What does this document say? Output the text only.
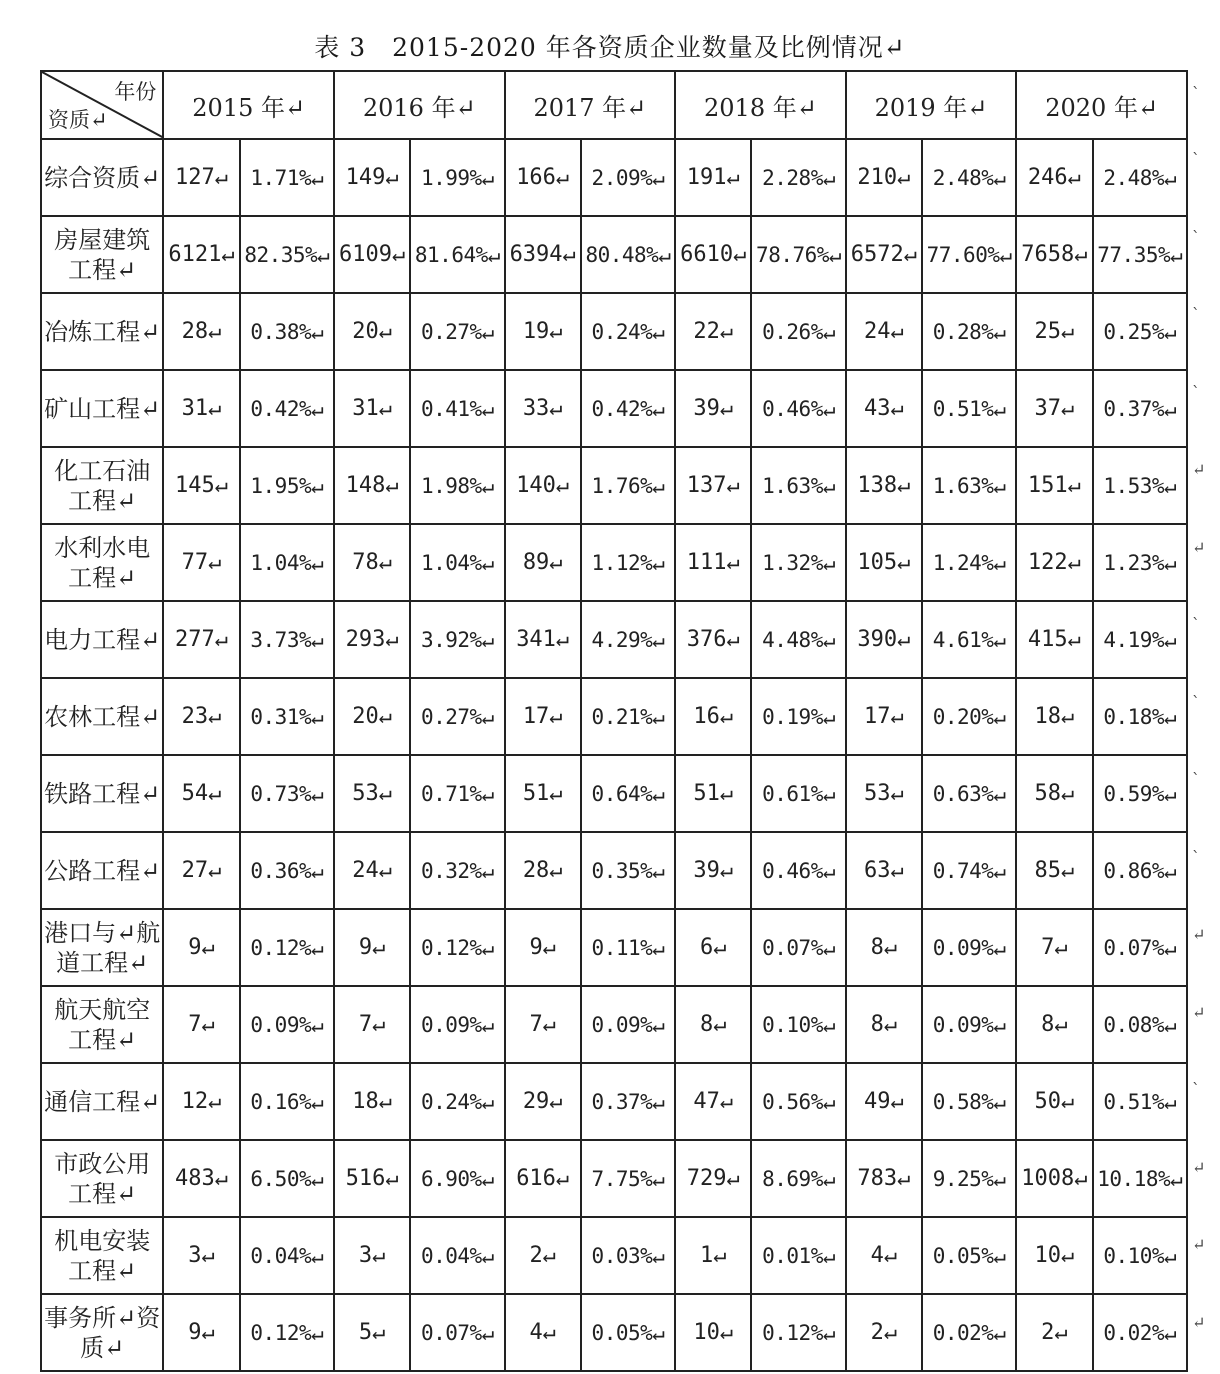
表 3　2015-2020 年各资质企业数量及比例情况↵
年份
资质↵	2015 年↵		2016 年↵		2017 年↵		2018 年↵		2019 年↵		2020 年↵	
综合资质↵	127↵	1.71%↵	149↵	1.99%↵	166↵	2.09%↵	191↵	2.28%↵	210↵	2.48%↵	246↵	2.48%↵
房屋建筑工程↵	6121↵	82.35%↵	6109↵	81.64%↵	6394↵	80.48%↵	6610↵	78.76%↵	6572↵	77.60%↵	7658↵	77.35%↵
冶炼工程↵	28↵	0.38%↵	20↵	0.27%↵	19↵	0.24%↵	22↵	0.26%↵	24↵	0.28%↵	25↵	0.25%↵
矿山工程↵	31↵	0.42%↵	31↵	0.41%↵	33↵	0.42%↵	39↵	0.46%↵	43↵	0.51%↵	37↵	0.37%↵
化工石油工程↵	145↵	1.95%↵	148↵	1.98%↵	140↵	1.76%↵	137↵	1.63%↵	138↵	1.63%↵	151↵	1.53%↵
水利水电工程↵	77↵	1.04%↵	78↵	1.04%↵	89↵	1.12%↵	111↵	1.32%↵	105↵	1.24%↵	122↵	1.23%↵
电力工程↵	277↵	3.73%↵	293↵	3.92%↵	341↵	4.29%↵	376↵	4.48%↵	390↵	4.61%↵	415↵	4.19%↵
农林工程↵	23↵	0.31%↵	20↵	0.27%↵	17↵	0.21%↵	16↵	0.19%↵	17↵	0.20%↵	18↵	0.18%↵
铁路工程↵	54↵	0.73%↵	53↵	0.71%↵	51↵	0.64%↵	51↵	0.61%↵	53↵	0.63%↵	58↵	0.59%↵
公路工程↵	27↵	0.36%↵	24↵	0.32%↵	28↵	0.35%↵	39↵	0.46%↵	63↵	0.74%↵	85↵	0.86%↵
港口与↵航道工程↵	9↵	0.12%↵	9↵	0.12%↵	9↵	0.11%↵	6↵	0.07%↵	8↵	0.09%↵	7↵	0.07%↵
航天航空工程↵	7↵	0.09%↵	7↵	0.09%↵	7↵	0.09%↵	8↵	0.10%↵	8↵	0.09%↵	8↵	0.08%↵
通信工程↵	12↵	0.16%↵	18↵	0.24%↵	29↵	0.37%↵	47↵	0.56%↵	49↵	0.58%↵	50↵	0.51%↵
市政公用工程↵	483↵	6.50%↵	516↵	6.90%↵	616↵	7.75%↵	729↵	8.69%↵	783↵	9.25%↵	1008↵	10.18%↵
机电安装工程↵	3↵	0.04%↵	3↵	0.04%↵	2↵	0.03%↵	1↵	0.01%↵	4↵	0.05%↵	10↵	0.10%↵
事务所↵资质↵	9↵	0.12%↵	5↵	0.07%↵	4↵	0.05%↵	10↵	0.12%↵	2↵	0.02%↵	2↵	0.02%↵
ˋ
ˋ
ˋ
ˋ
ˋ
↵
↵
ˋ
ˋ
ˋ
ˋ
↵
↵
ˋ
↵
↵
↵
